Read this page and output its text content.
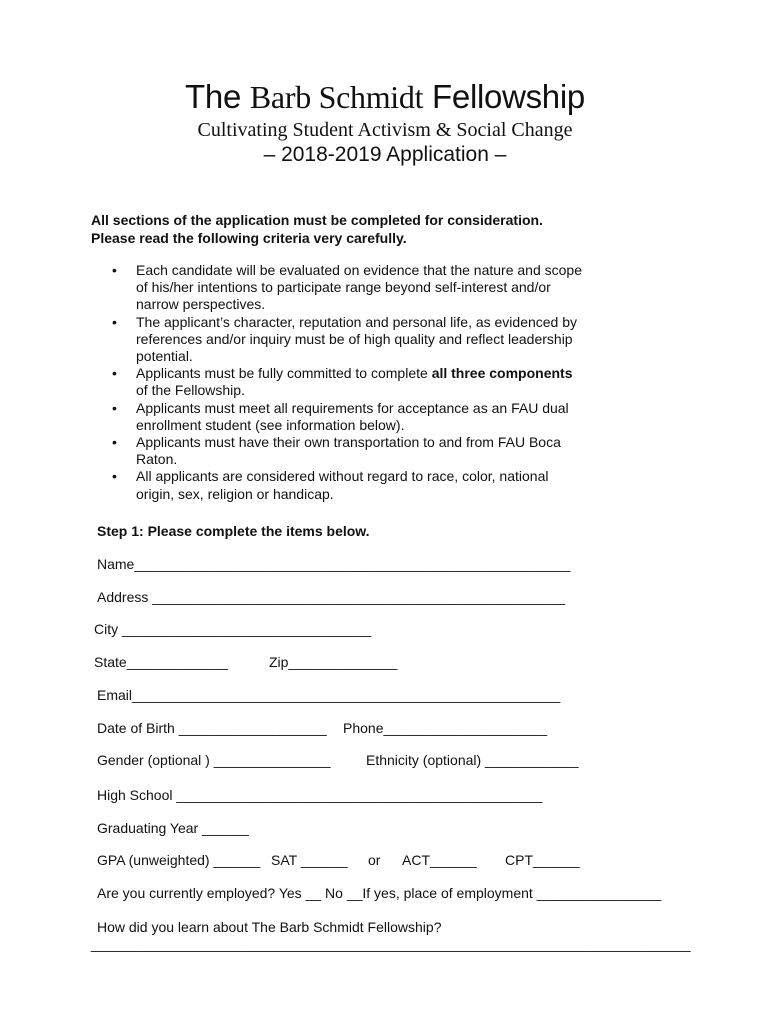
The Barb Schmidt Fellowship
Cultivating Student Activism & Social Change
– 2018-2019 Application –
All sections of the application must be completed for consideration.
Please read the following criteria very carefully.
• Each candidate will be evaluated on evidence that the nature and scope of his/her intentions to participate range beyond self-interest and/or narrow perspectives.
• The applicant’s character, reputation and personal life, as evidenced by references and/or inquiry must be of high quality and reflect leadership potential.
• Applicants must be fully committed to complete all three components of the Fellowship.
• Applicants must meet all requirements for acceptance as an FAU dual enrollment student (see information below).
• Applicants must have their own transportation to and from FAU Boca Raton.
• All applicants are considered without regard to race, color, national origin, sex, religion or handicap.
Step 1: Please complete the items below.
Name________________________________________________________
Address _____________________________________________________
City ________________________________
State_____________	Zip______________
Email_______________________________________________________
Date of Birth ___________________ Phone_____________________
Gender (optional ) _______________	Ethnicity (optional) ____________
High School _______________________________________________
Graduating Year ______
GPA (unweighted) ______ SAT ______ or ACT______ CPT______
Are you currently employed? Yes __ No __If yes, place of employment ________________
How did you learn about The Barb Schmidt Fellowship?
_____________________________________________________________________________
